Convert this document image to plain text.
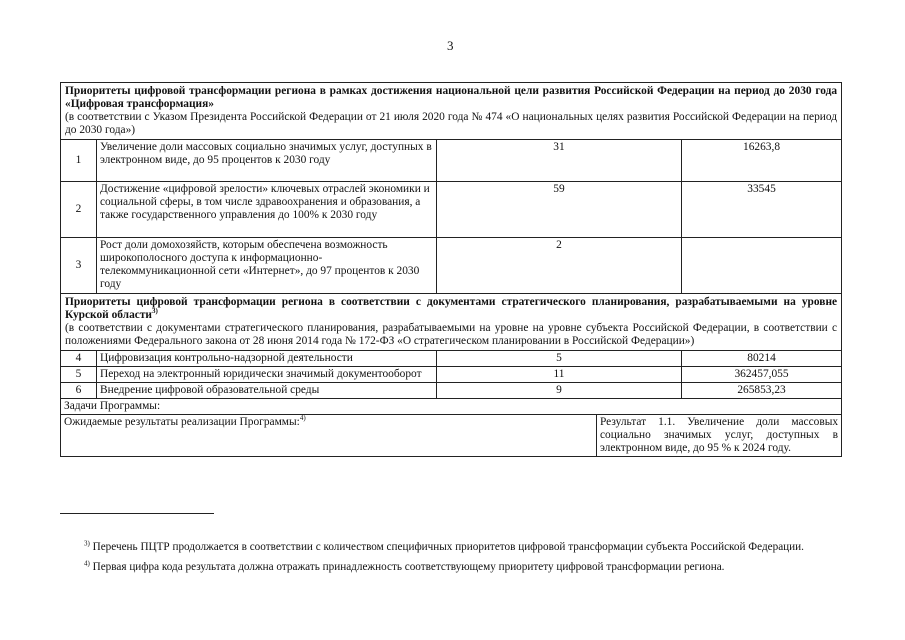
3
Приоритеты цифровой трансформации региона в рамках достижения национальной цели развития Российской Федерации на период до 2030 года «Цифровая трансформация»
(в соответствии с Указом Президента Российской Федерации от 21 июля 2020 года № 474 «О национальных целях развития Российской Федерации на период до 2030 года»)				

1	Увеличение доли массовых социально значимых услуг, доступных в электронном виде, до 95 процентов к 2030 году	31		16263,8
2	Достижение «цифровой зрелости» ключевых отраслей экономики и социальной сферы, в том числе здравоохранения и образования, а также государственного управления до 100% к 2030 году	59		33545
3	Рост доли домохозяйств, которым обеспечена возможность широкополосного доступа к информационно-телекоммуникационной сети «Интернет», до 97 процентов к 2030 году	2		

Приоритеты цифровой трансформации региона в соответствии с документами стратегического планирования, разрабатываемыми на уровне Курской области$^{3)}$
(в соответствии с документами стратегического планирования, разрабатываемыми на уровне на уровне субъекта Российской Федерации, в соответствии с положениями Федерального закона от 28 июня 2014 года № 172-ФЗ «О стратегическом планировании в Российской Федерации»)				

4	Цифровизация контрольно-надзорной деятельности	5		80214
5	Переход на электронный юридически значимый документооборот	11		362457,055
6	Внедрение цифровой образовательной среды	9		265853,23
Задачи Программы:				
Ожидаемые результаты реализации Программы:$^{4)}$			Результат 1.1. Увеличение доли массовых социально значимых услуг, доступных в электронном виде, до 95 % к 2024 году.	

$^{3)}$ Перечень ПЦТР продолжается в соответствии с количеством специфичных приоритетов цифровой трансформации субъекта Российской Федерации.

$^{4)}$ Первая цифра кода результата должна отражать принадлежность соответствующему приоритету цифровой трансформации региона.
